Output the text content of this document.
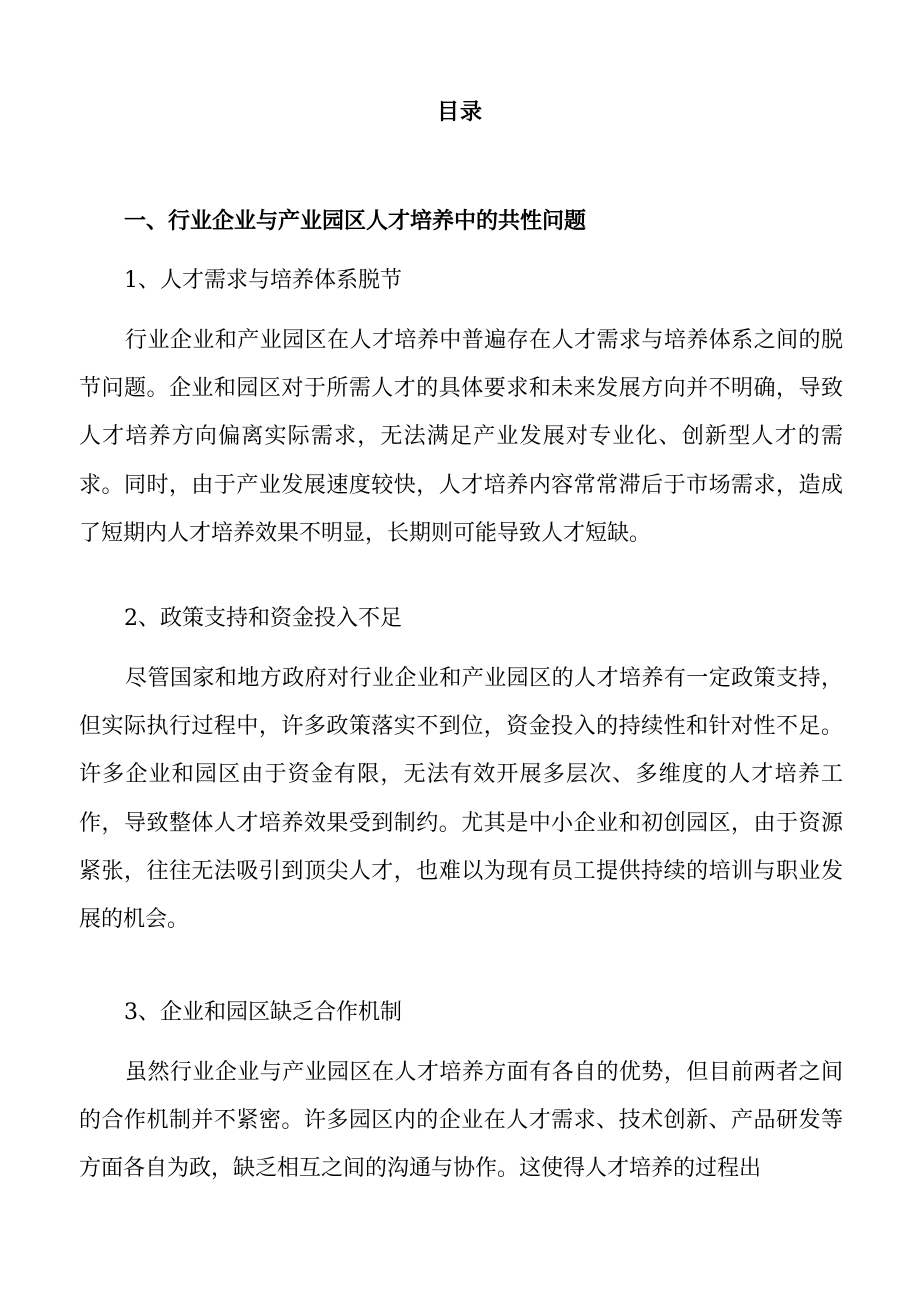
目录
一、行业企业与产业园区人才培养中的共性问题
1、人才需求与培养体系脱节

行业企业和产业园区在人才培养中普遍存在人才需求与培养体系之间的脱节问题。企业和园区对于所需人才的具体要求和未来发展方向并不明确，导致人才培养方向偏离实际需求，无法满足产业发展对专业化、创新型人才的需求。同时，由于产业发展速度较快，人才培养内容常常滞后于市场需求，造成了短期内人才培养效果不明显，长期则可能导致人才短缺。

2、政策支持和资金投入不足

尽管国家和地方政府对行业企业和产业园区的人才培养有一定政策支持，但实际执行过程中，许多政策落实不到位，资金投入的持续性和针对性不足。许多企业和园区由于资金有限，无法有效开展多层次、多维度的人才培养工作，导致整体人才培养效果受到制约。尤其是中小企业和初创园区，由于资源紧张，往往无法吸引到顶尖人才，也难以为现有员工提供持续的培训与职业发展的机会。

3、企业和园区缺乏合作机制

虽然行业企业与产业园区在人才培养方面有各自的优势，但目前两者之间的合作机制并不紧密。许多园区内的企业在人才需求、技术创新、产品研发等方面各自为政，缺乏相互之间的沟通与协作。这使得人才培养的过程出
